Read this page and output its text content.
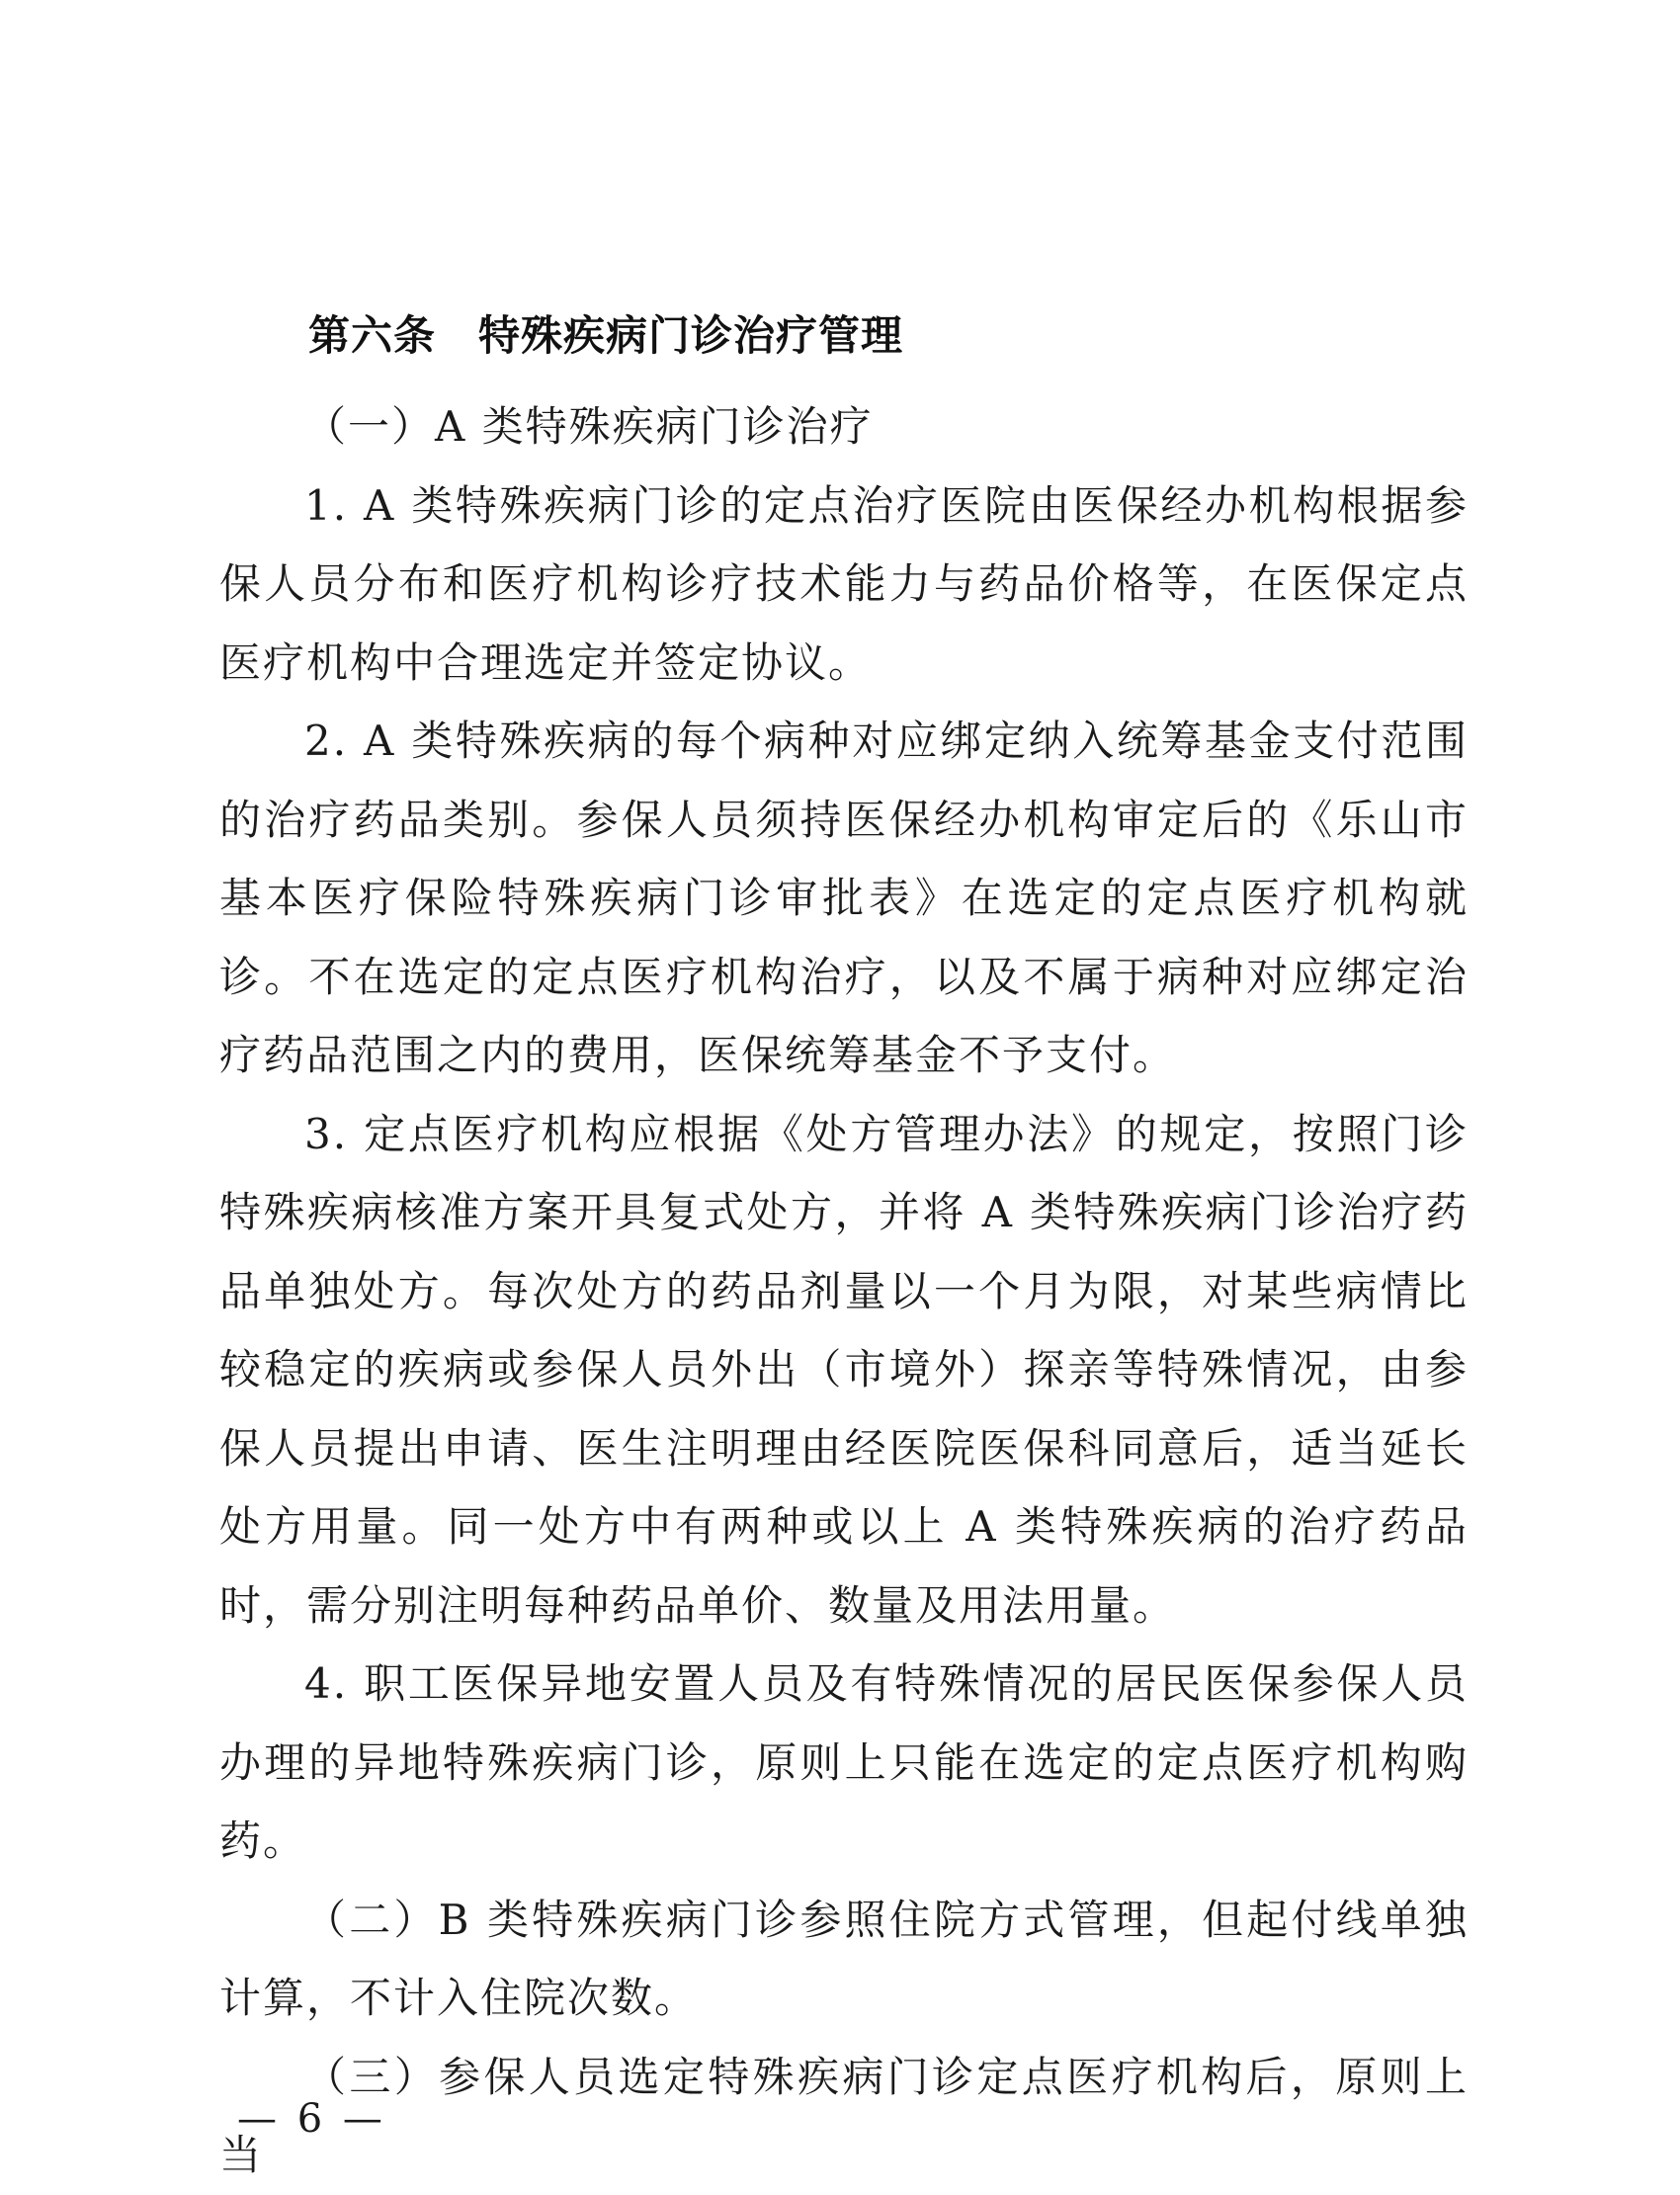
第六条　特殊疾病门诊治疗管理

（一）A 类特殊疾病门诊治疗

1. A 类特殊疾病门诊的定点治疗医院由医保经办机构根据参保人员分布和医疗机构诊疗技术能力与药品价格等，在医保定点医疗机构中合理选定并签定协议。

2. A 类特殊疾病的每个病种对应绑定纳入统筹基金支付范围的治疗药品类别。参保人员须持医保经办机构审定后的《乐山市基本医疗保险特殊疾病门诊审批表》在选定的定点医疗机构就诊。不在选定的定点医疗机构治疗，以及不属于病种对应绑定治疗药品范围之内的费用，医保统筹基金不予支付。

3. 定点医疗机构应根据《处方管理办法》的规定，按照门诊特殊疾病核准方案开具复式处方，并将 A 类特殊疾病门诊治疗药品单独处方。每次处方的药品剂量以一个月为限，对某些病情比较稳定的疾病或参保人员外出（市境外）探亲等特殊情况，由参保人员提出申请、医生注明理由经医院医保科同意后，适当延长处方用量。同一处方中有两种或以上 A 类特殊疾病的治疗药品时，需分别注明每种药品单价、数量及用法用量。

4. 职工医保异地安置人员及有特殊情况的居民医保参保人员办理的异地特殊疾病门诊，原则上只能在选定的定点医疗机构购药。

（二）B 类特殊疾病门诊参照住院方式管理，但起付线单独计算，不计入住院次数。

（三）参保人员选定特殊疾病门诊定点医疗机构后，原则上当

— 6 —
